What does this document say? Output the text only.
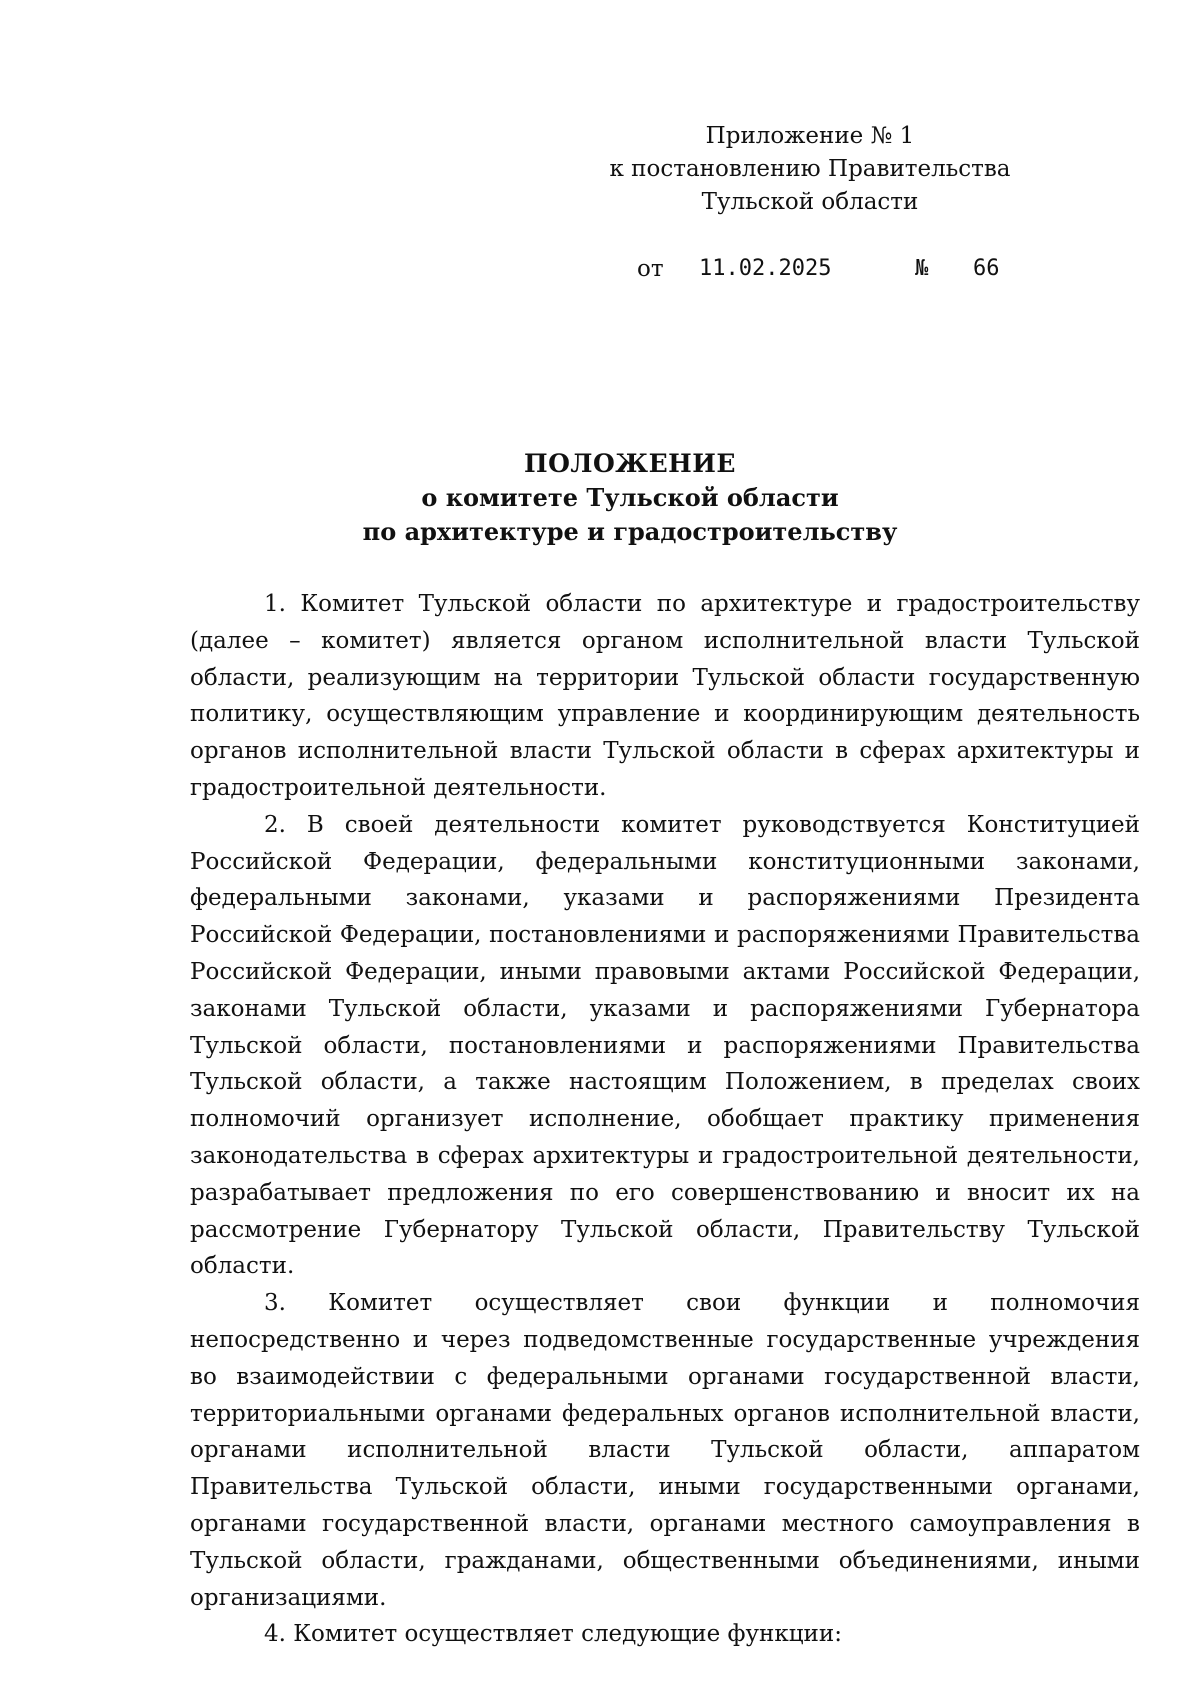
Приложение № 1
к постановлению Правительства
Тульской области
от 11.02.2025	№ 66
ПОЛОЖЕНИЕ
о комитете Тульской области
по архитектуре и градостроительству

1. Комитет Тульской области по архитектуре и градостроительству (далее – комитет) является органом исполнительной власти Тульской области, реализующим на территории Тульской области государственную политику, осуществляющим управление и координирующим деятельность органов исполнительной власти Тульской области в сферах архитектуры и градостроительной деятельности.

2. В своей деятельности комитет руководствуется Конституцией Российской Федерации, федеральными конституционными законами, федеральными законами, указами и распоряжениями Президента Российской Федерации, постановлениями и распоряжениями Правительства Российской Федерации, иными правовыми актами Российской Федерации, законами Тульской области, указами и распоряжениями Губернатора Тульской области, постановлениями и распоряжениями Правительства Тульской области, а также настоящим Положением, в пределах своих полномочий организует исполнение, обобщает практику применения законодательства в сферах архитектуры и градостроительной деятельности, разрабатывает предложения по его совершенствованию и вносит их на рассмотрение Губернатору Тульской области, Правительству Тульской области.

3. Комитет осуществляет свои функции и полномочия непосредственно и через подведомственные государственные учреждения во взаимодействии с федеральными органами государственной власти, территориальными органами федеральных органов исполнительной власти, органами исполнительной власти Тульской области, аппаратом Правительства Тульской области, иными государственными органами, органами государственной власти, органами местного самоуправления в Тульской области, гражданами, общественными объединениями, иными организациями.

4. Комитет осуществляет следующие функции:
